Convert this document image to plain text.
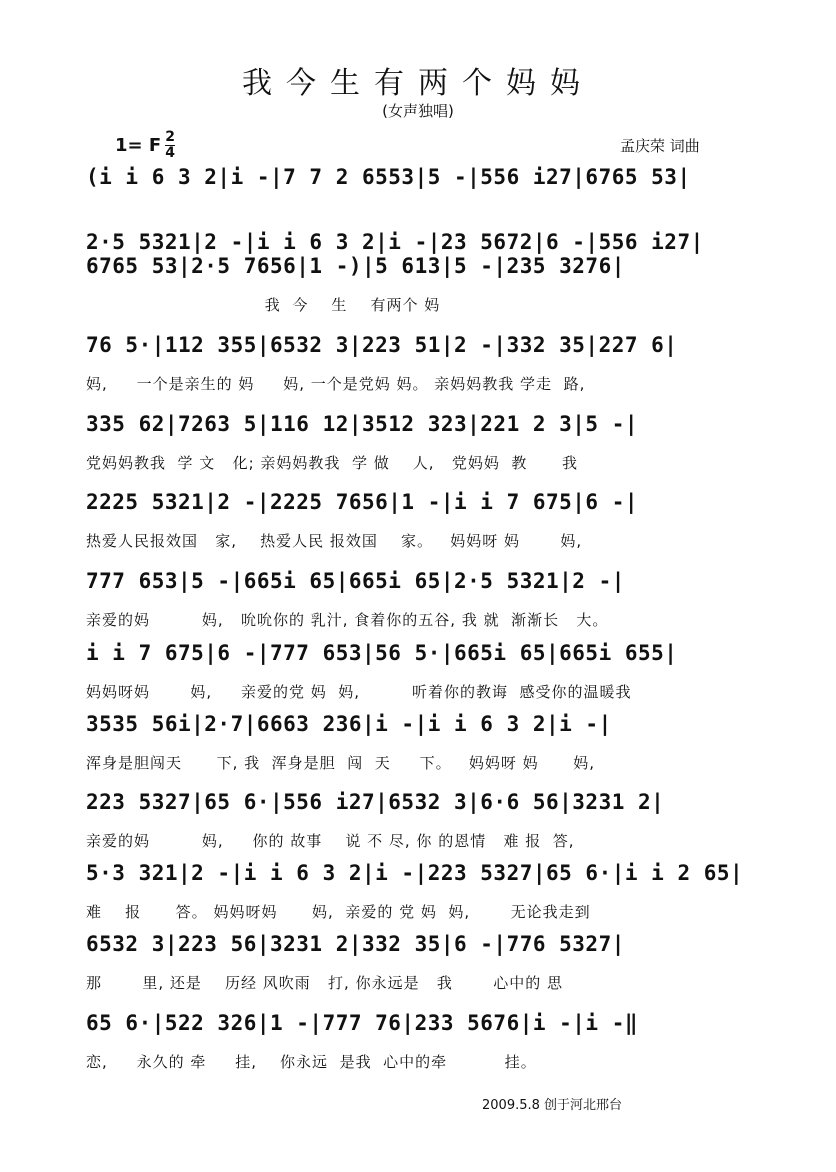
我今生有两个妈妈
(女声独唱)
1= F 2
4	孟庆荣 词曲
(i i 6 3 2|i -|7 7 2 6553|5 -|556 i27|6765 53|
2·5 5321|2 -|i i 6 3 2|i -|23 5672|6 -|556 i27|
6765 53|2·5 7656|1 -)|5 613|5 -|235 3276|
我  今    生    有两个 妈
76 5·|112 355|6532 3|223 51|2 -|332 35|227 6|
妈,     一个是亲生的 妈     妈, 一个是党妈 妈。 亲妈妈教我 学走  路,
335 62|7263 5|116 12|3512 323|221 2 3|5 -|
党妈妈教我  学 文   化; 亲妈妈教我  学 做    人,   党妈妈  教      我
2225 5321|2 -|2225 7656|1 -|i i 7 675|6 -|
热爱人民报效国   家,    热爱人民 报效国    家。   妈妈呀 妈       妈,
777 653|5 -|665i 65|665i 65|2·5 5321|2 -|
亲爱的妈         妈,   吮吮你的 乳汁, 食着你的五谷, 我 就  渐渐长   大。
i i 7 675|6 -|777 653|56 5·|665i 65|665i 655|
妈妈呀妈       妈,     亲爱的党 妈  妈,         听着你的教诲  感受你的温暖我
3535 56i|2·7|6663 236|i -|i i 6 3 2|i -|
浑身是胆闯天      下, 我  浑身是胆  闯  天     下。   妈妈呀 妈      妈,
223 5327|65 6·|556 i27|6532 3|6·6 56|3231 2|
亲爱的妈         妈,     你的 故事    说 不 尽, 你 的恩情   难 报  答,
5·3 321|2 -|i i 6 3 2|i -|223 5327|65 6·|i i 2 65|
难    报      答。 妈妈呀妈      妈,  亲爱的 党 妈  妈,       无论我走到
6532 3|223 56|3231 2|332 35|6 -|776 5327|
那       里, 还是    历经 风吹雨   打, 你永远是   我       心中的 思
65 6·|522 326|1 -|777 76|233 5676|i -|i -‖
恋,     永久的 牵     挂,    你永远  是我  心中的牵          挂。
2009.5.8 创于河北邢台
